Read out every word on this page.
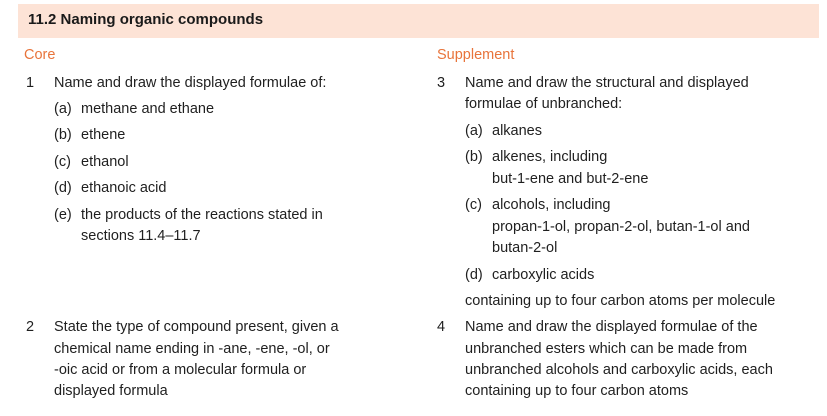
11.2 Naming organic compounds
Core	Supplement
1 Name and draw the displayed formulae of:
(a) methane and ethane
(b) ethene
(c) ethanol
(d) ethanoic acid
(e) the products of the reactions stated in
sections 11.4–11.7
2 State the type of compound present, given a
chemical name ending in -ane, -ene, -ol, or
-oic acid or from a molecular formula or
displayed formula
3 Name and draw the structural and displayed
formulae of unbranched:
(a) alkanes
(b) alkenes, including
but-1-ene and but-2-ene
(c) alcohols, including
propan-1-ol, propan-2-ol, butan-1-ol and
butan-2-ol
(d) carboxylic acids
containing up to four carbon atoms per molecule
4 Name and draw the displayed formulae of the
unbranched esters which can be made from
unbranched alcohols and carboxylic acids, each
containing up to four carbon atoms
